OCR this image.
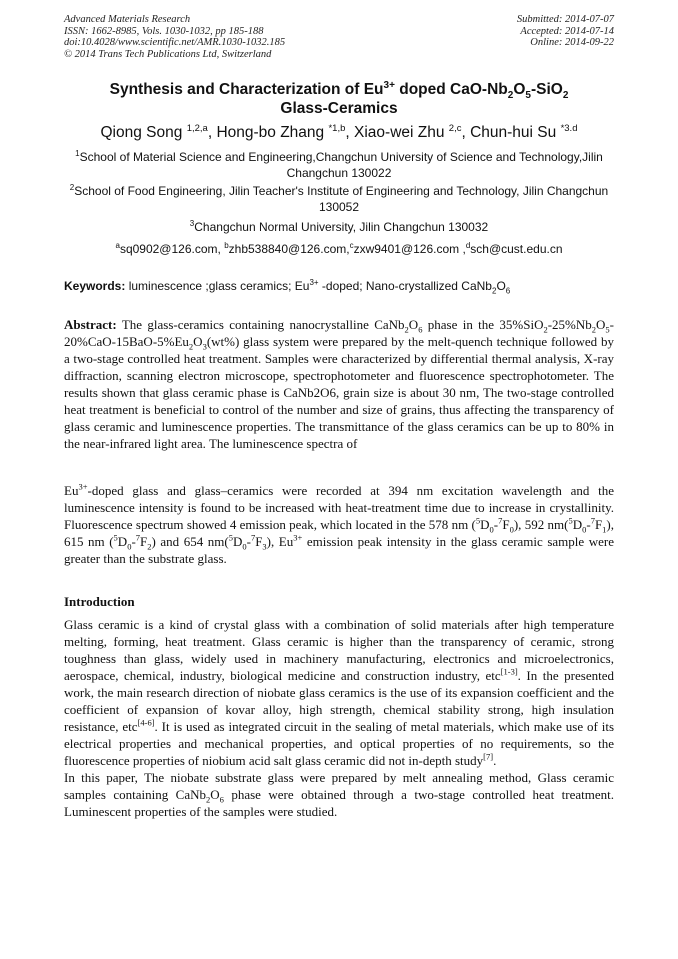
Advanced Materials Research
ISSN: 1662-8985, Vols. 1030-1032, pp 185-188
doi:10.4028/www.scientific.net/AMR.1030-1032.185
© 2014 Trans Tech Publications Ltd, Switzerland
Submitted: 2014-07-07
Accepted: 2014-07-14
Online: 2014-09-22
Synthesis and Characterization of $Eu^{3+}$ doped CaO-$Nb_2O_5-SiO_2$
Glass-Ceramics
Qiong Song $^{1,2,a}$, Hong-bo Zhang $^{*1,b}$, Xiao-wei Zhu $^{2,c}$, Chun-hui Su $^{*3.d}$
$^1$School of Material Science and Engineering,Changchun University of Science and Technology,Jilin Changchun 130022
$^2$School of Food Engineering, Jilin Teacher's Institute of Engineering and Technology, Jilin Changchun 130052
$^3$Changchun Normal University, Jilin Changchun 130032
$^a$sq0902@126.com, $^b$zhb538840@126.com,$^c$zxw9401@126.com ,$^d$sch@cust.edu.cn
Keywords: luminescence ;glass ceramics; $Eu^{3+}$ -doped; Nano-crystallized $CaNb_2O_6$

Abstract: The glass-ceramics containing nanocrystalline $CaNb_2O_6$ phase in the $35\%SiO_2-25\%Nb_2O_5-20\%CaO-15BaO-5\%Eu_2O_3(wt\%)$ glass system were prepared by the melt-quench technique followed by a two-stage controlled heat treatment. Samples were characterized by differential thermal analysis, X-ray diffraction, scanning electron microscope, spectrophotometer and fluorescence spectrophotometer. The results shown that glass ceramic phase is CaNb2O6, grain size is about 30 nm, The two-stage controlled heat treatment is beneficial to control of the number and size of grains, thus affecting the transparency of glass ceramic and luminescence properties. The transmittance of the glass ceramics can be up to 80% in the near-infrared light area. The luminescence spectra of

$Eu^{3+}$-doped glass and glass–ceramics were recorded at 394 nm excitation wavelength and the luminescence intensity is found to be increased with heat-treatment time due to increase in crystallinity. Fluorescence spectrum showed 4 emission peak, which located in the 578 nm $(^5D_0-^7F_0)$, 592 $nm(^5D_0-^7F_1)$, 615 nm $(^5D_0-^7F_2)$ and 654 $nm(^5D_0-^7F_3)$, $Eu^{3+}$ emission peak intensity in the glass ceramic sample were greater than the substrate glass.

Introduction

Glass ceramic is a kind of crystal glass with a combination of solid materials after high temperature melting, forming, heat treatment. Glass ceramic is higher than the transparency of ceramic, strong toughness than glass, widely used in machinery manufacturing, electronics and microelectronics, aerospace, chemical, industry, biological medicine and construction industry, etc[1-3]. In the presented work, the main research direction of niobate glass ceramics is the use of its expansion coefficient and the coefficient of expansion of kovar alloy, high strength, chemical stability strong, high insulation resistance, etc[4-6]. It is used as integrated circuit in the sealing of metal materials, which make use of its electrical properties and mechanical properties, and optical properties of no requirements, so the fluorescence properties of niobium acid salt glass ceramic did not in-depth study[7].

In this paper, The niobate substrate glass were prepared by melt annealing method, Glass ceramic samples containing $CaNb_2O_6$ phase were obtained through a two-stage controlled heat treatment. Luminescent properties of the samples were studied.
